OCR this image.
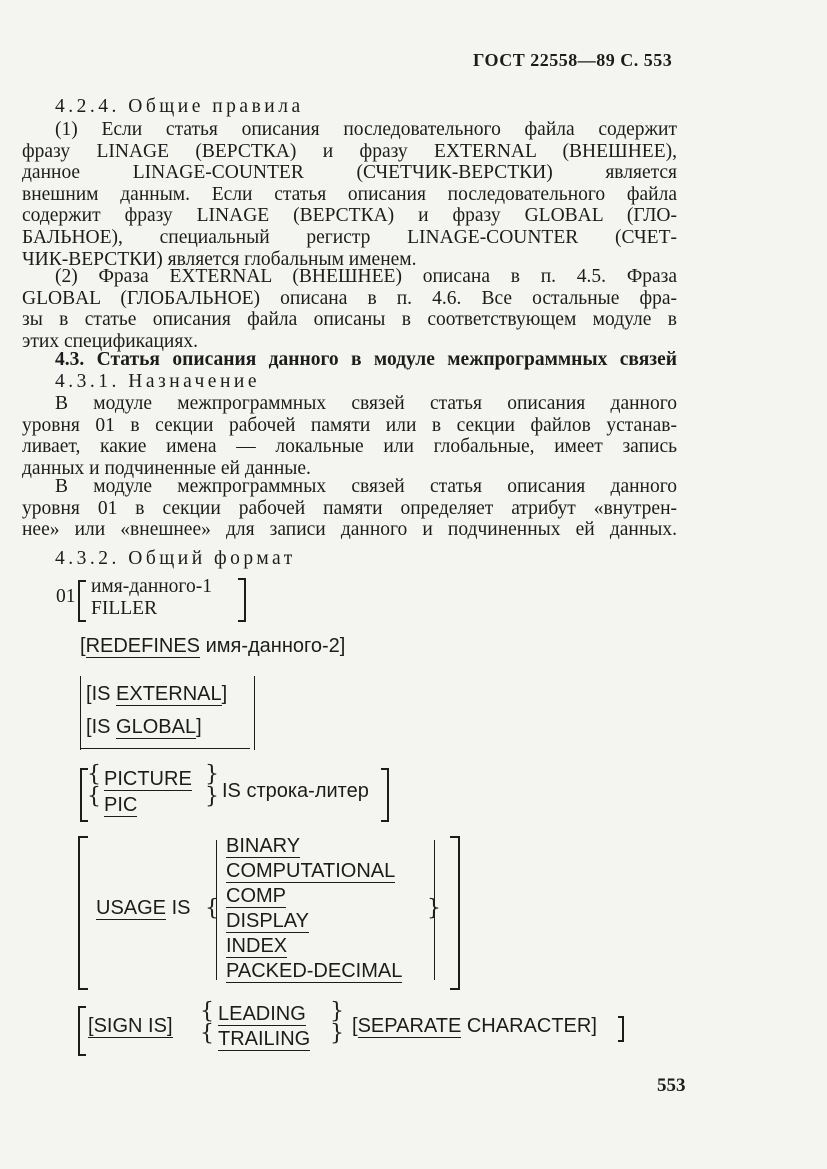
ГОСТ 22558—89 С. 553
4.2.4. Общие правила
(1) Если статья описания последовательного файла содержит
фразу LINAGE (ВЕРСТКА) и фразу EXTERNAL (ВНЕШНЕЕ),
данное LINAGE-COUNTER (СЧЕТЧИК-ВЕРСТКИ) является
внешним данным. Если статья описания последовательного файла
содержит фразу LINAGE (ВЕРСТКА) и фразу GLOBAL (ГЛО-
БАЛЬНОЕ), специальный регистр LINAGE-COUNTER (СЧЕТ-
ЧИК-ВЕРСТКИ) является глобальным именем.
(2) Фраза EXTERNAL (ВНЕШНЕЕ) описана в п. 4.5. Фраза
GLOBAL (ГЛОБАЛЬНОЕ) описана в п. 4.6. Все остальные фра-
зы в статье описания файла описаны в соответствующем модуле в
этих спецификациях.
4.3. Статья описания данного в модуле межпрограммных связей
4.3.1. Назначение
В модуле межпрограммных связей статья описания данного
уровня 01 в секции рабочей памяти или в секции файлов устанав-
ливает, какие имена — локальные или глобальные, имеет запись
данных и подчиненные ей данные.
В модуле межпрограммных связей статья описания данного
уровня 01 в секции рабочей памяти определяет атрибут «внутрен-
нее» или «внешнее» для записи данного и подчиненных ей данных.
4.3.2. Общий формат
01 имя-данного-1
FILLER
[REDEFINES имя-данного-2]
[IS EXTERNAL]
[IS GLOBAL]
{
{
PICTURE
PIC
}
} IS строка-литер
USAGE IS {
BINARY
COMPUTATIONAL
COMP
DISPLAY
INDEX
PACKED-DECIMAL
}
[SIGN IS]
{
{
LEADING
TRAILING
}
} [SEPARATE CHARACTER]
553
